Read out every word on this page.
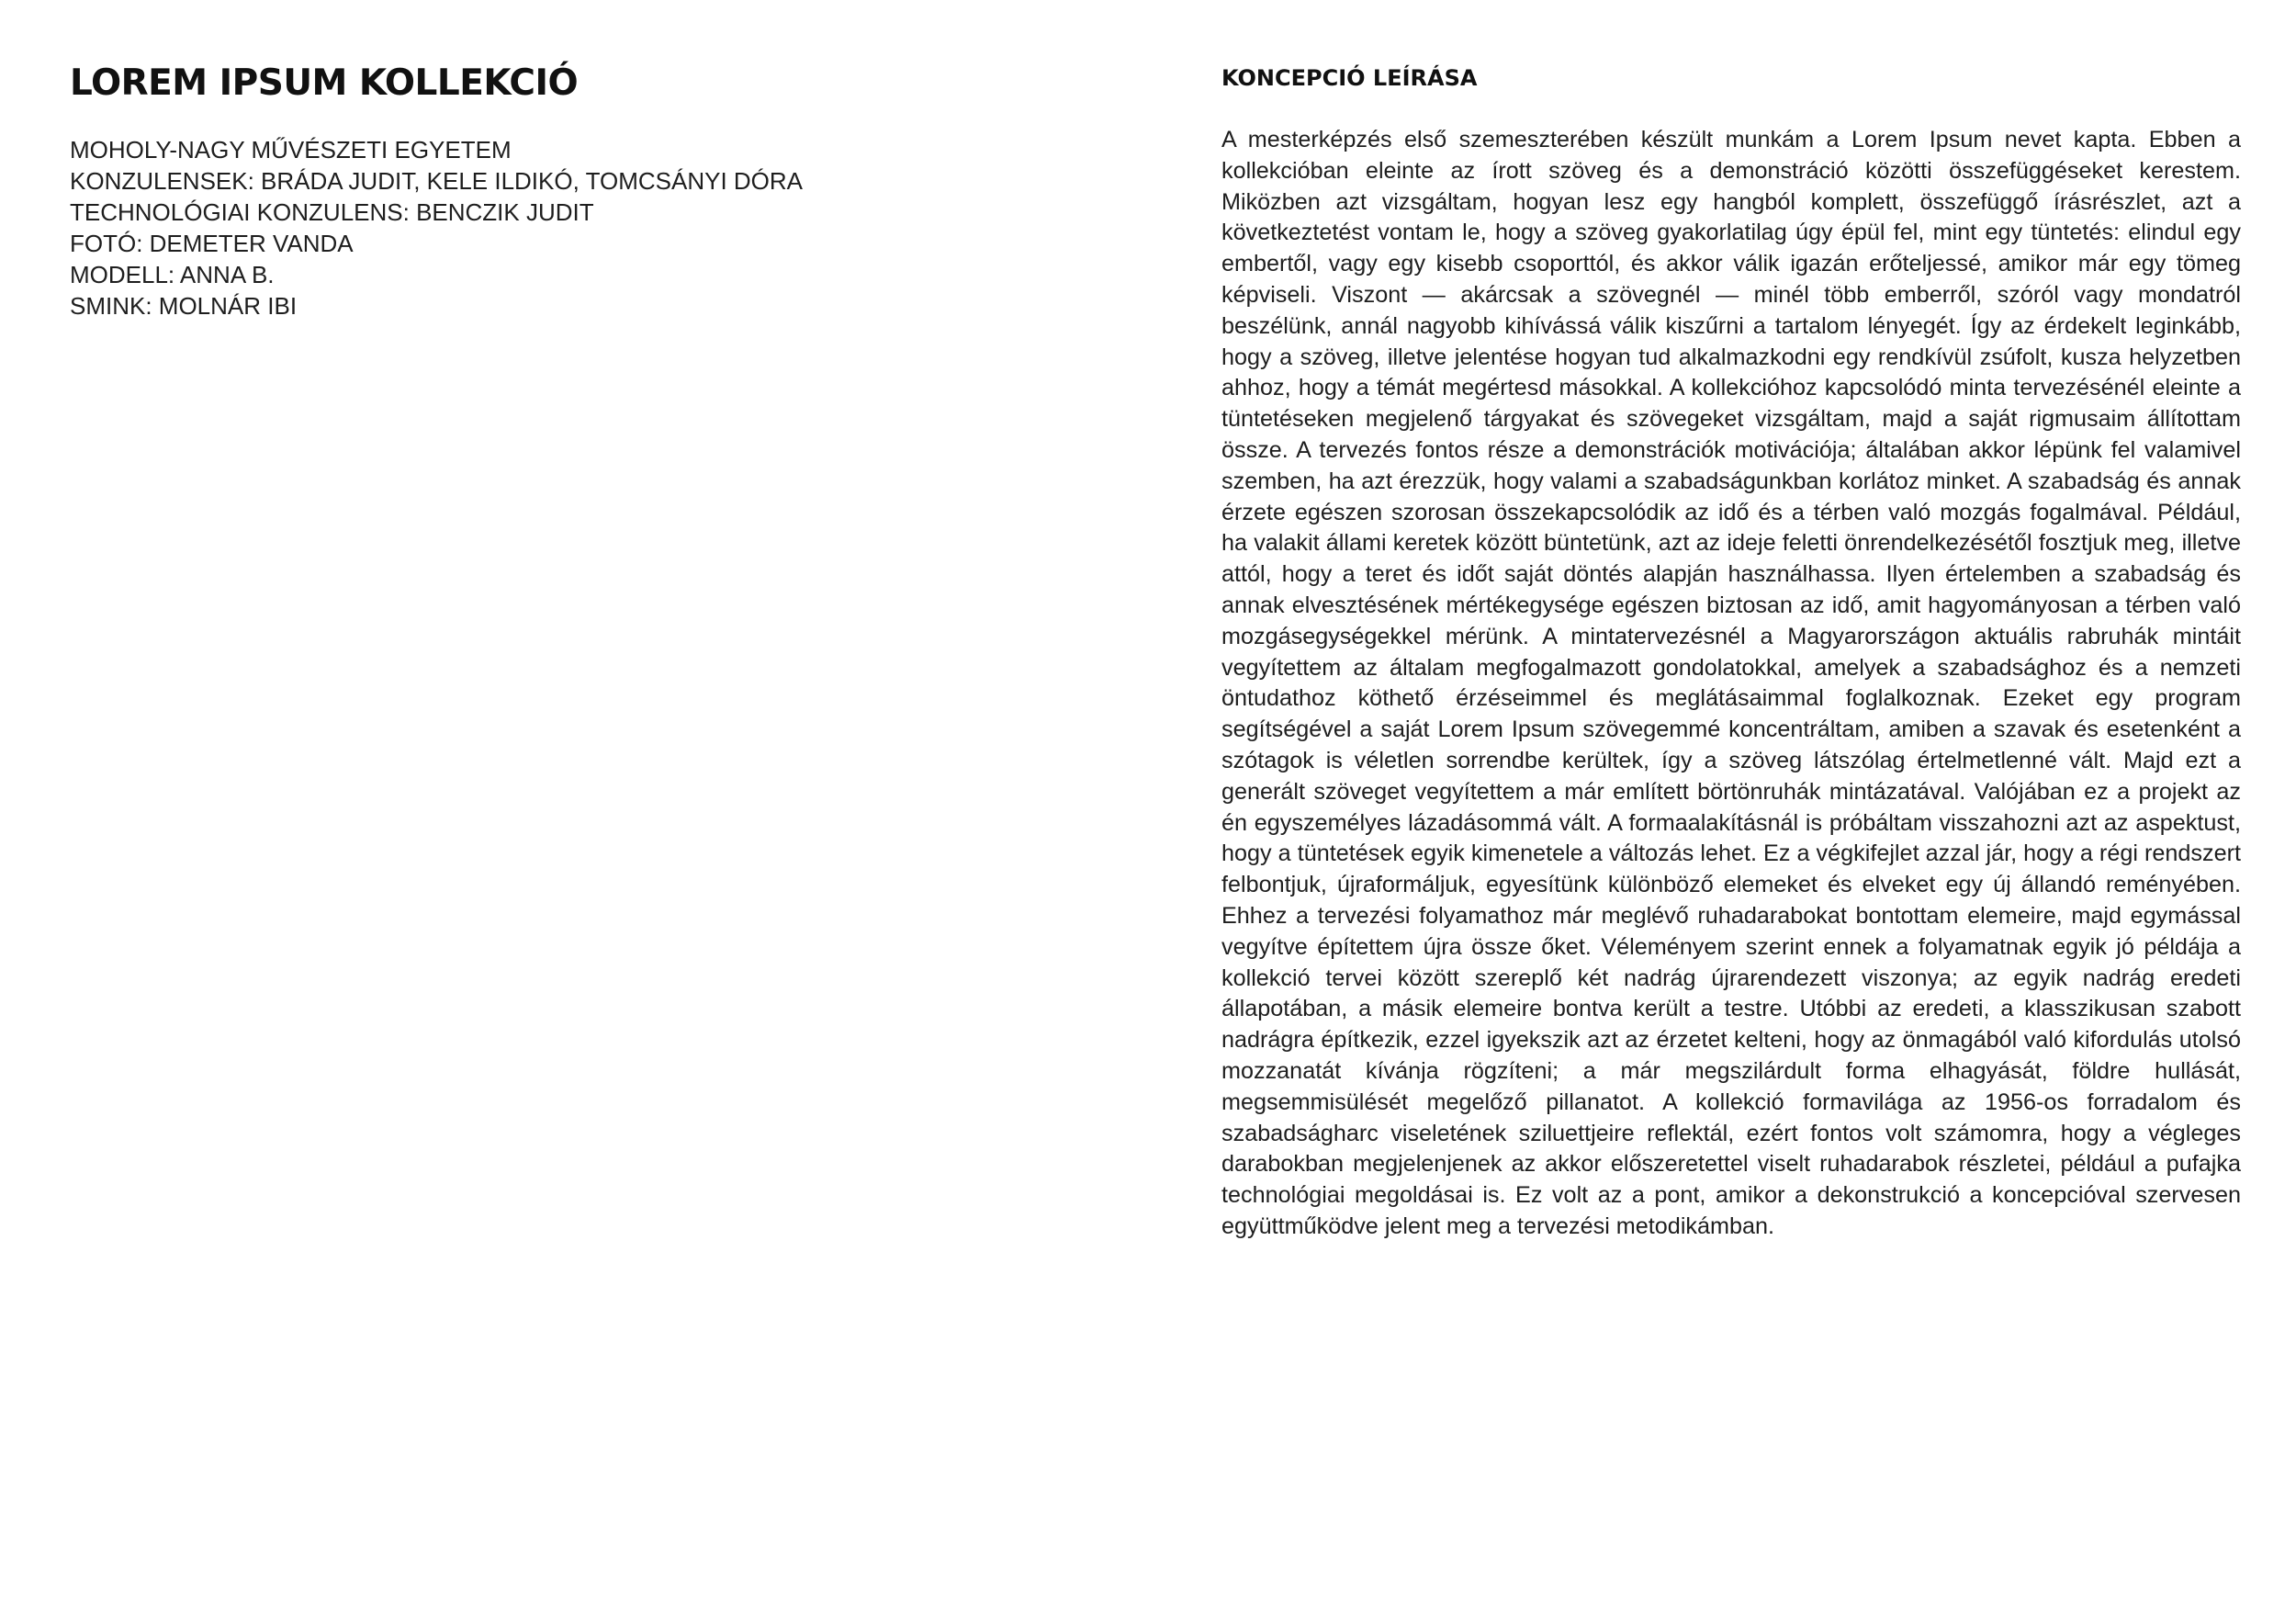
LOREM IPSUM KOLLEKCIÓ
MOHOLY-NAGY MŰVÉSZETI EGYETEM
KONZULENSEK: BRÁDA JUDIT, KELE ILDIKÓ, TOMCSÁNYI DÓRA
TECHNOLÓGIAI KONZULENS: BENCZIK JUDIT
FOTÓ: DEMETER VANDA
MODELL: ANNA B.
SMINK: MOLNÁR IBI
KONCEPCIÓ LEÍRÁSA

A mesterképzés első szemeszterében készült munkám a Lorem Ipsum nevet kapta. Ebben a kollekcióban eleinte az írott szöveg és a demonstráció közötti összefüggéseket kerestem. Miközben azt vizsgáltam, hogyan lesz egy hangból komplett, összefüggő írásrészlet, azt a következtetést vontam le, hogy a szöveg gyakorlatilag úgy épül fel, mint egy tüntetés: elindul egy embertől, vagy egy kisebb csoporttól, és akkor válik igazán erőteljessé, amikor már egy tömeg képviseli. Viszont — akárcsak a szövegnél — minél több emberről, szóról vagy mondatról beszélünk, annál nagyobb kihívássá válik kiszűrni a tartalom lényegét. Így az érdekelt leginkább, hogy a szöveg, illetve jelentése hogyan tud alkalmazkodni egy rendkívül zsúfolt, kusza helyzetben ahhoz, hogy a témát megértesd másokkal. A kollekcióhoz kapcsolódó minta tervezésénél eleinte a tüntetéseken megjelenő tárgyakat és szövegeket vizsgáltam, majd a saját rigmusaim állítottam össze. A tervezés fontos része a demonstrációk motivációja; általában akkor lépünk fel valamivel szemben, ha azt érezzük, hogy valami a szabadságunkban korlátoz minket. A szabadság és annak érzete egészen szorosan összekapcsolódik az idő és a térben való mozgás fogalmával. Például, ha valakit állami keretek között büntetünk, azt az ideje feletti önrendelkezésétől fosztjuk meg, illetve attól, hogy a teret és időt saját döntés alapján használhassa. Ilyen értelemben a szabadság és annak elvesztésének mértékegysége egészen biztosan az idő, amit hagyományosan a térben való mozgásegységekkel mérünk. A mintatervezésnél a Magyarországon aktuális rabruhák mintáit vegyítettem az általam megfogalmazott gondolatokkal, amelyek a szabadsághoz és a nemzeti öntudathoz köthető érzéseimmel és meglátásaimmal foglalkoznak. Ezeket egy program segítségével a saját Lorem Ipsum szövegemmé koncentráltam, amiben a szavak és esetenként a szótagok is véletlen sorrendbe kerültek, így a szöveg látszólag értelmetlenné vált. Majd ezt a generált szöveget vegyítettem a már említett börtönruhák mintázatával. Valójában ez a projekt az én egyszemélyes lázadásommá vált. A formaalakításnál is próbáltam visszahozni azt az aspektust, hogy a tüntetések egyik kimenetele a változás lehet. Ez a végkifejlet azzal jár, hogy a régi rendszert felbontjuk, újraformáljuk, egyesítünk különböző elemeket és elveket egy új állandó reményében. Ehhez a tervezési folyamathoz már meglévő ruhadarabokat bontottam elemeire, majd egymással vegyítve építettem újra össze őket. Véleményem szerint ennek a folyamatnak egyik jó példája a kollekció tervei között szereplő két nadrág újrarendezett viszonya; az egyik nadrág eredeti állapotában, a másik elemeire bontva került a testre. Utóbbi az eredeti, a klasszikusan szabott nadrágra építkezik, ezzel igyekszik azt az érzetet kelteni, hogy az önmagából való kifordulás utolsó mozzanatát kívánja rögzíteni; a már megszilárdult forma elhagyását, földre hullását, megsemmisülését megelőző pillanatot. A kollekció formavilága az 1956-os forradalom és szabadságharc viseletének sziluettjeire reflektál, ezért fontos volt számomra, hogy a végleges darabokban megjelenjenek az akkor előszeretettel viselt ruhadarabok részletei, például a pufajka technológiai megoldásai is. Ez volt az a pont, amikor a dekonstrukció a koncepcióval szervesen együttműködve jelent meg a tervezési metodikámban.
